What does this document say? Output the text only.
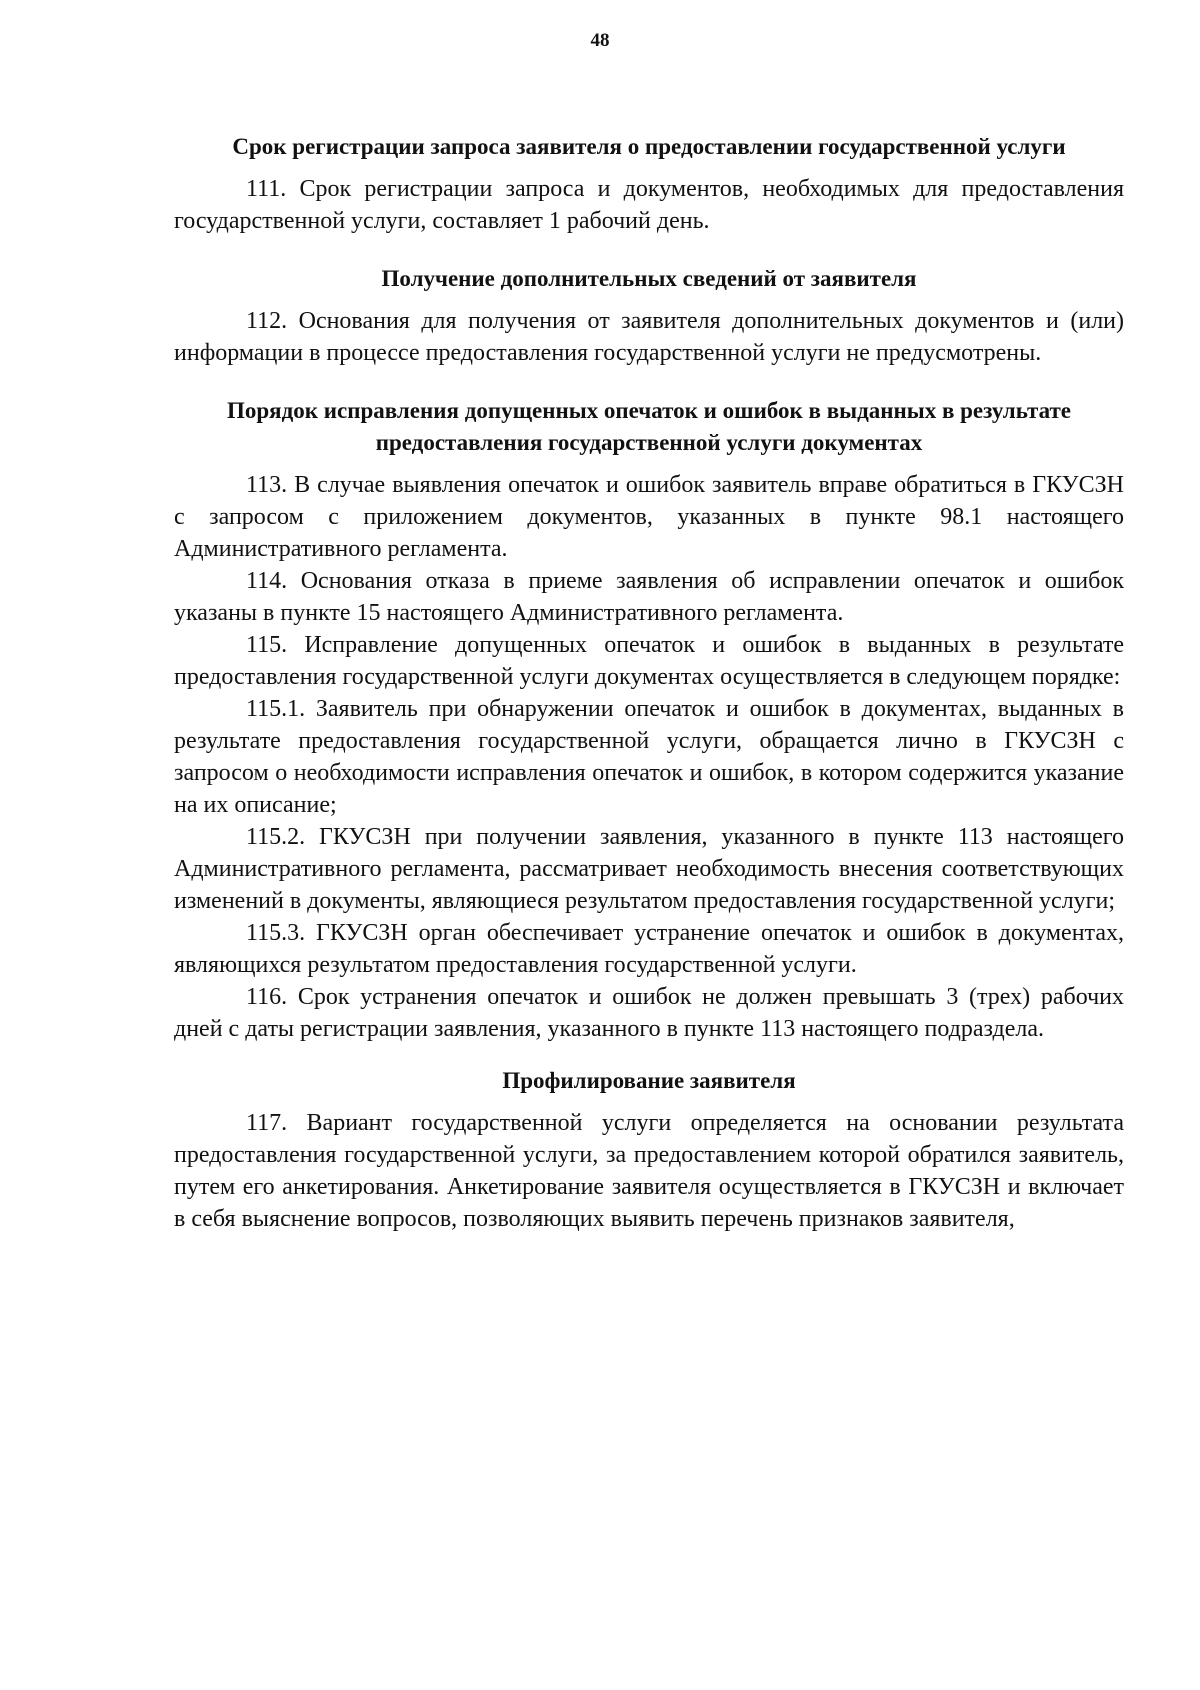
48

Срок регистрации запроса заявителя о предоставлении государственной услуги

111. Срок регистрации запроса и документов, необходимых для предоставления государственной услуги, составляет 1 рабочий день.

Получение дополнительных сведений от заявителя

112. Основания для получения от заявителя дополнительных документов и (или) информации в процессе предоставления государственной услуги не предусмотрены.

Порядок исправления допущенных опечаток и ошибок в выданных в результате предоставления государственной услуги документах

113. В случае выявления опечаток и ошибок заявитель вправе обратиться в ГКУСЗН с запросом с приложением документов, указанных в пункте 98.1 настоящего Административного регламента.

114. Основания отказа в приеме заявления об исправлении опечаток и ошибок указаны в пункте 15 настоящего Административного регламента.

115. Исправление допущенных опечаток и ошибок в выданных в результате предоставления государственной услуги документах осуществляется в следующем порядке:

115.1. Заявитель при обнаружении опечаток и ошибок в документах, выданных в результате предоставления государственной услуги, обращается лично в ГКУСЗН с запросом о необходимости исправления опечаток и ошибок, в котором содержится указание на их описание;

115.2. ГКУСЗН при получении заявления, указанного в пункте 113 настоящего Административного регламента, рассматривает необходимость внесения соответствующих изменений в документы, являющиеся результатом предоставления государственной услуги;

115.3. ГКУСЗН орган обеспечивает устранение опечаток и ошибок в документах, являющихся результатом предоставления государственной услуги.

116. Срок устранения опечаток и ошибок не должен превышать 3 (трех) рабочих дней с даты регистрации заявления, указанного в пункте 113 настоящего подраздела.

Профилирование заявителя

117. Вариант государственной услуги определяется на основании результата предоставления государственной услуги, за предоставлением которой обратился заявитель, путем его анкетирования. Анкетирование заявителя осуществляется в ГКУСЗН и включает в себя выяснение вопросов, позволяющих выявить перечень признаков заявителя,
